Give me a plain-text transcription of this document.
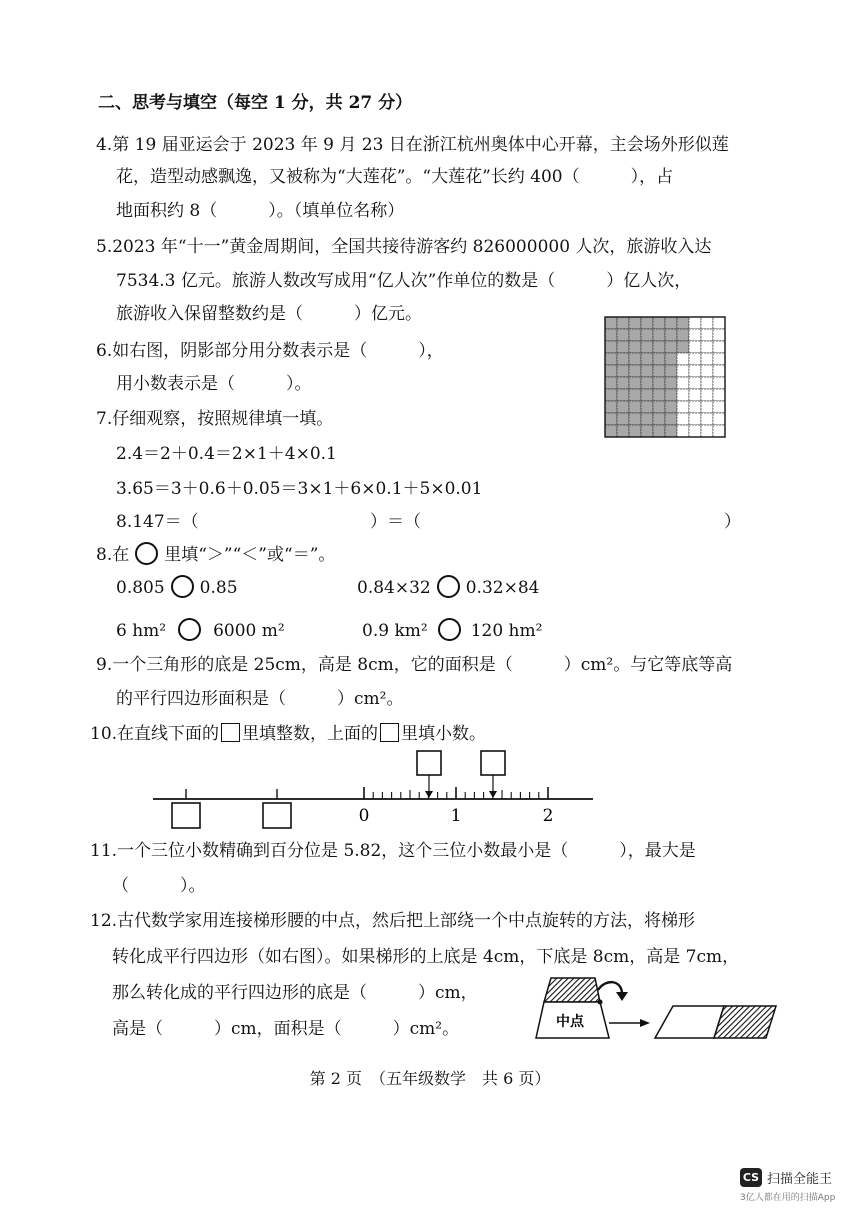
二、思考与填空（每空 1 分，共 27 分）
4.第 19 届亚运会于 2023 年 9 月 23 日在浙江杭州奥体中心开幕，主会场外形似莲
花，造型动感飘逸，又被称为“大莲花”。“大莲花”长约 400（　　　），占
地面积约 8（　　　）。（填单位名称）
5.2023 年“十一”黄金周期间，全国共接待游客约 826000000 人次，旅游收入达
7534.3 亿元。旅游人数改写成用“亿人次”作单位的数是（　　　）亿人次，
旅游收入保留整数约是（　　　）亿元。
6.如右图，阴影部分用分数表示是（　　　），
用小数表示是（　　　）。
7.仔细观察，按照规律填一填。
2.4＝2＋0.4＝2×1＋4×0.1
3.65＝3＋0.6＋0.05＝3×1＋6×0.1＋5×0.01
8.147＝（	）＝（	）
8.在 里填“＞”“＜”或“＝”。
0.805 0.85	0.84×32 0.32×84
6 hm²	6000 m²	0.9 km²	120 hm²
9.一个三角形的底是 25cm，高是 8cm，它的面积是（　　　）cm²。与它等底等高
的平行四边形面积是（　　　）cm²。
10.在直线下面的 里填整数，上面的 里填小数。
0	1	2
11.一个三位小数精确到百分位是 5.82，这个三位小数最小是（　　　），最大是
（　　　）。
12.古代数学家用连接梯形腰的中点，然后把上部绕一个中点旋转的方法，将梯形
转化成平行四边形（如右图）。如果梯形的上底是 4cm，下底是 8cm，高是 7cm，
那么转化成的平行四边形的底是（　　　）cm，
高是（　　　）cm，面积是（　　　）cm²。	中点
第 2 页　（五年级数学　共 6 页）
CS 扫描全能王
3亿人都在用的扫描App
